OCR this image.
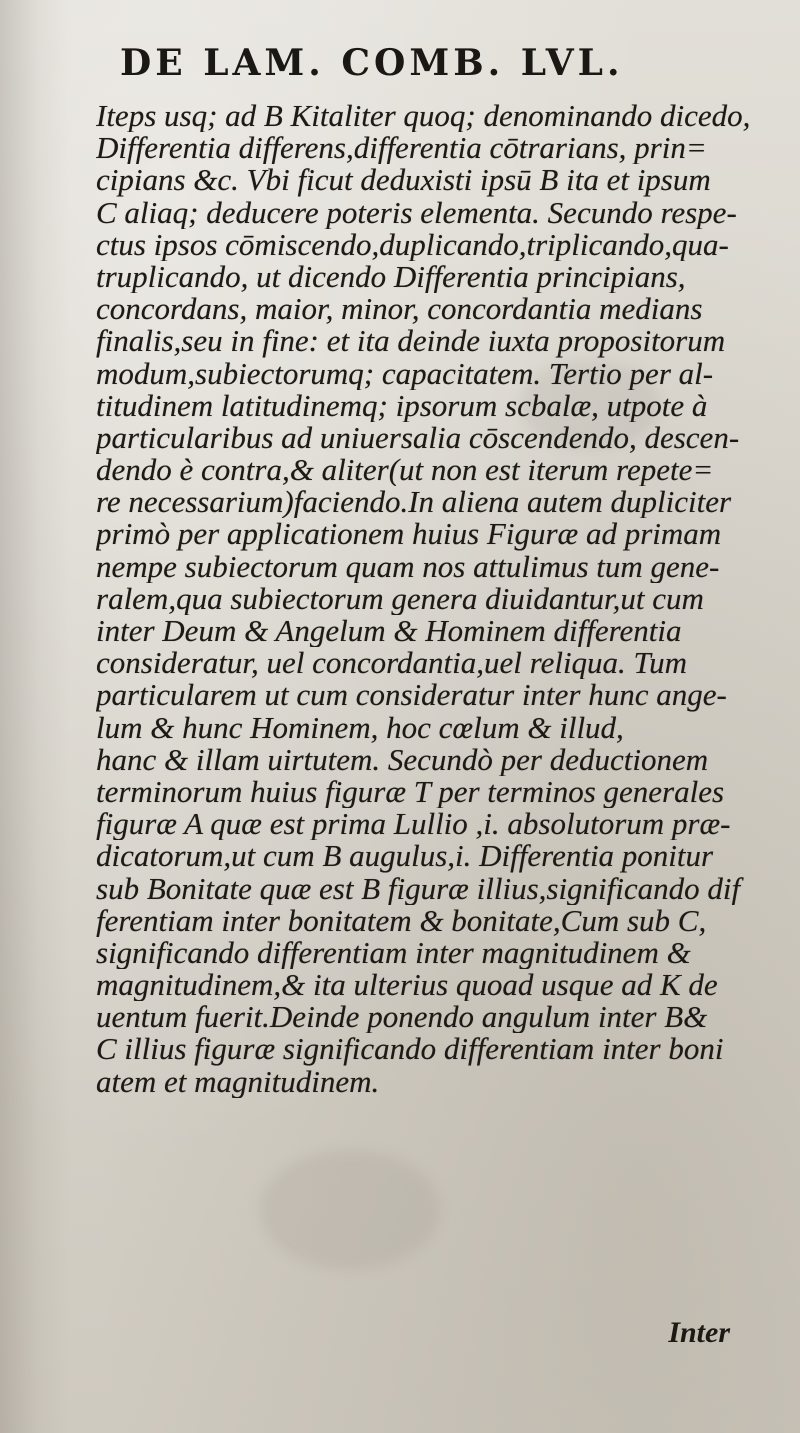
DE LAM. COMB. LVL.
Iteps usq; ad B Kitaliter quoq; denominando dicedo,
Differentia differens,differentia cōtrarians, prin=
cipians &c. Vbi ficut deduxisti ipsū B ita et ipsum
C aliaq; deducere poteris elementa. Secundo respe-
ctus ipsos cōmiscendo,duplicando,triplicando,qua-
truplicando, ut dicendo Differentia principians,
concordans, maior, minor, concordantia medians
finalis,seu in fine: et ita deinde iuxta propositorum
modum,subiectorumq; capacitatem. Tertio per al-
titudinem latitudinemq; ipsorum scbalæ, utpote à
particularibus ad uniuersalia cōscendendo, descen-
dendo è contra,& aliter(ut non est iterum repete=
re necessarium)faciendo.In aliena autem dupliciter
primò per applicationem huius Figuræ ad primam
nempe subiectorum quam nos attulimus tum gene-
ralem,qua subiectorum genera diuidantur,ut cum
inter Deum & Angelum & Hominem differentia
consideratur, uel concordantia,uel reliqua. Tum
particularem ut cum consideratur inter hunc ange-
lum & hunc Hominem, hoc cœlum & illud,
hanc & illam uirtutem. Secundò per deductionem
terminorum huius figuræ T per terminos generales
figuræ A quæ est prima Lullio ,i. absolutorum præ-
dicatorum,ut cum B augulus,i. Differentia ponitur
sub Bonitate quæ est B figuræ illius,significando dif
ferentiam inter bonitatem & bonitate,Cum sub C,
significando differentiam inter magnitudinem &
magnitudinem,& ita ulterius quoad usque ad K de
uentum fuerit.Deinde ponendo angulum inter B&
C illius figuræ significando differentiam inter boni
atem et magnitudinem.
Inter
